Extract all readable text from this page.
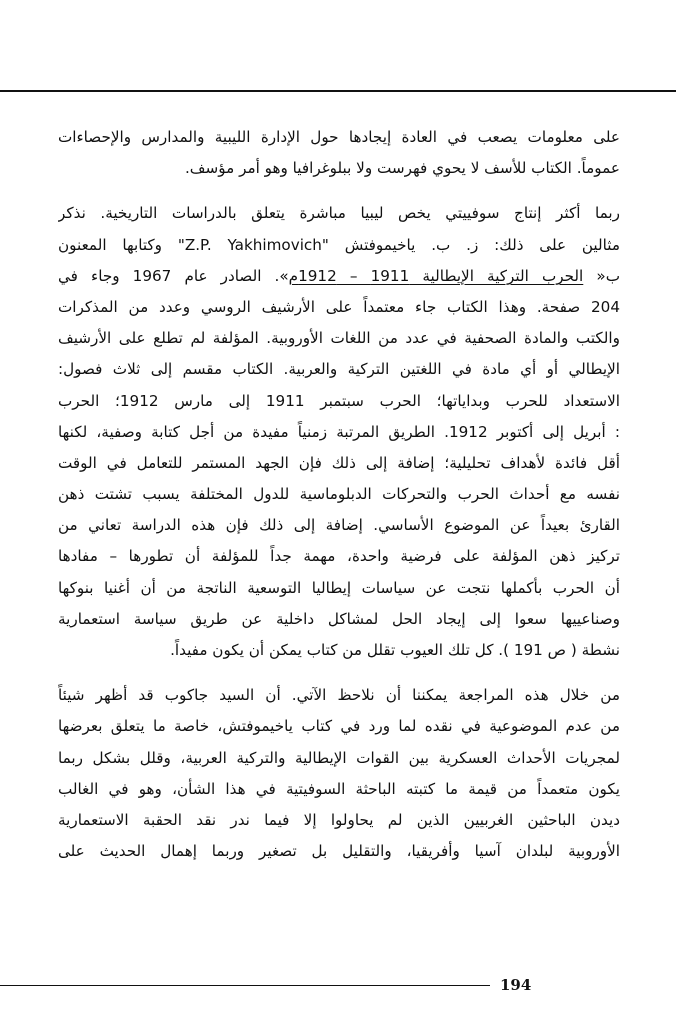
على معلومات يصعب في العادة إيجادها حول الإدارة الليبية والمدارس والإحصاءات
عموماً. الكتاب للأسف لا يحوي فهرست ولا ببلوغرافيا وهو أمر مؤسف.

ربما أكثر إنتاج سوفييتي يخص ليبيا مباشرة يتعلق بالدراسات التاريخية. نذكر
مثالين على ذلك: ز. ب. ياخيموفتش "Z.P. Yakhimovich" وكتابها المعنون
ب« الحرب التركية الإيطالية 1911 – 1912م». الصادر عام 1967 وجاء في
204 صفحة. وهذا الكتاب جاء معتمداً على الأرشيف الروسي وعدد من المذكرات
والكتب والمادة الصحفية في عدد من اللغات الأوروبية. المؤلفة لم تطلع على الأرشيف
الإيطالي أو أي مادة في اللغتين التركية والعربية. الكتاب مقسم إلى ثلاث فصول:
الاستعداد للحرب وبداياتها؛ الحرب سبتمبر 1911 إلى مارس 1912؛ الحرب
: أبريل إلى أكتوبر 1912. الطريق المرتبة زمنياً مفيدة من أجل كتابة وصفية، لكنها
أقل فائدة لأهداف تحليلية؛ إضافة إلى ذلك فإن الجهد المستمر للتعامل في الوقت
نفسه مع أحداث الحرب والتحركات الدبلوماسية للدول المختلفة يسبب تشتت ذهن
القارئ بعيداً عن الموضوع الأساسي. إضافة إلى ذلك فإن هذه الدراسة تعاني من
تركيز ذهن المؤلفة على فرضية واحدة، مهمة جداً للمؤلفة أن تطورها – مفادها
أن الحرب بأكملها نتجت عن سياسات إيطاليا التوسعية الناتجة من أن أغنيا بنوكها
وصناعييها سعوا إلى إيجاد الحل لمشاكل داخلية عن طريق سياسة استعمارية
نشطة ( ص 191 ). كل تلك العيوب تقلل من كتاب يمكن أن يكون مفيداً.

من خلال هذه المراجعة يمكننا أن نلاحظ الآتي. أن السيد جاكوب قد أظهر شيئاً
من عدم الموضوعية في نقده لما ورد في كتاب ياخيموفتش، خاصة ما يتعلق بعرضها
لمجريات الأحداث العسكرية بين القوات الإيطالية والتركية العربية، وقلل بشكل ربما
يكون متعمداً من قيمة ما كتبته الباحثة السوفيتية في هذا الشأن، وهو في الغالب
ديدن الباحثين الغربيين الذين لم يحاولوا إلا فيما ندر نقد الحقبة الاستعمارية
الأوروبية لبلدان آسيا وأفريقيا، والتقليل بل تصغير وربما إهمال الحديث على

194
